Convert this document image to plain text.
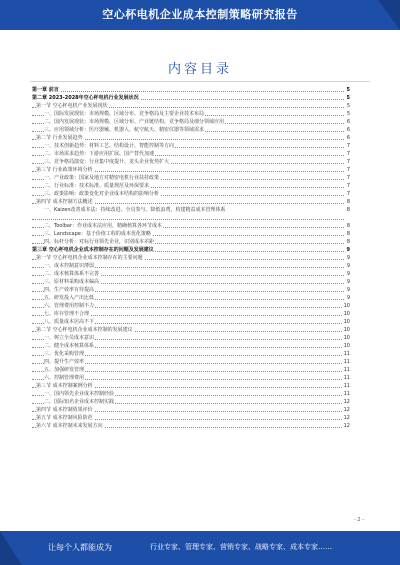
空心杯电机企业成本控制策略研究报告
内容目录
第一章 前言	5
第二章 2023-2028年空心杯电机行业发展状况	5
第一节 空心杯电机产业发展现状	5
一、国际发展现状：市场规模、区域分布、竞争格局及主要企业技术布局	5
二、国内发展现状：市场规模、区域分布、产业链结构、竞争格局及细分领域应用	6
三、应用领域分析：医疗器械、机器人、航空航天、精密仪器等领域需求	6
第二节 行业发展趋势	6
一、技术创新趋势：材料工艺、结构设计、智能控制等方向	7
二、市场需求趋势：下游应用扩展、国产替代加速	7
三、竞争格局演变：行业集中度提升、龙头企业优势扩大	7
第三节 行业政策环境分析	7
一、产业政策：国家及地方对精密电机行业扶持政策	7
二、行业标准：技术标准、质量规范及环保要求	7
三、政策影响：政策变化对企业成本结构的影响分析	7
第四节 成本控制方法概述	8
一、Kaizen改善成本法：持续改进、全员参与、降低浪费，构建精益成本管理体系	8
二、Toolbar：作业成本法应用，精确核算各环节成本	8
三、Landscape：基于价值工程的成本优化策略	8
四、标杆分析：对标行业领先企业，识别成本差距	8
第三章 空心杯电机企业成本控制存在的问题及发展建议	9
第一节 空心杯电机企业成本控制存在的主要问题	9
一、成本控制意识薄弱	9
二、成本核算体系不完善	9
三、原材料采购成本偏高	9
四、生产效率有待提高	9
五、研发投入产出比低	9
六、管理费用控制不力	10
七、库存管理不合理	10
八、质量成本居高不下	10
第二节 空心杯电机企业成本控制的发展建议	10
一、树立全员成本意识	10
二、健全成本核算体系	10
三、优化采购管理	11
四、提升生产效率	11
五、加强研发管理	11
六、控制管理费用	11
第三节 成本控制案例分析	11
一、国内领先企业成本控制经验	11
二、国际知名企业成本控制实践	12
第四节 成本控制效果评价	12
第五节 成本控制风险防范	12
第六节 成本控制未来发展方向	12
- 2 -
让每个人都能成为	行业专家、管理专家、营销专家、战略专家、成本专家……
